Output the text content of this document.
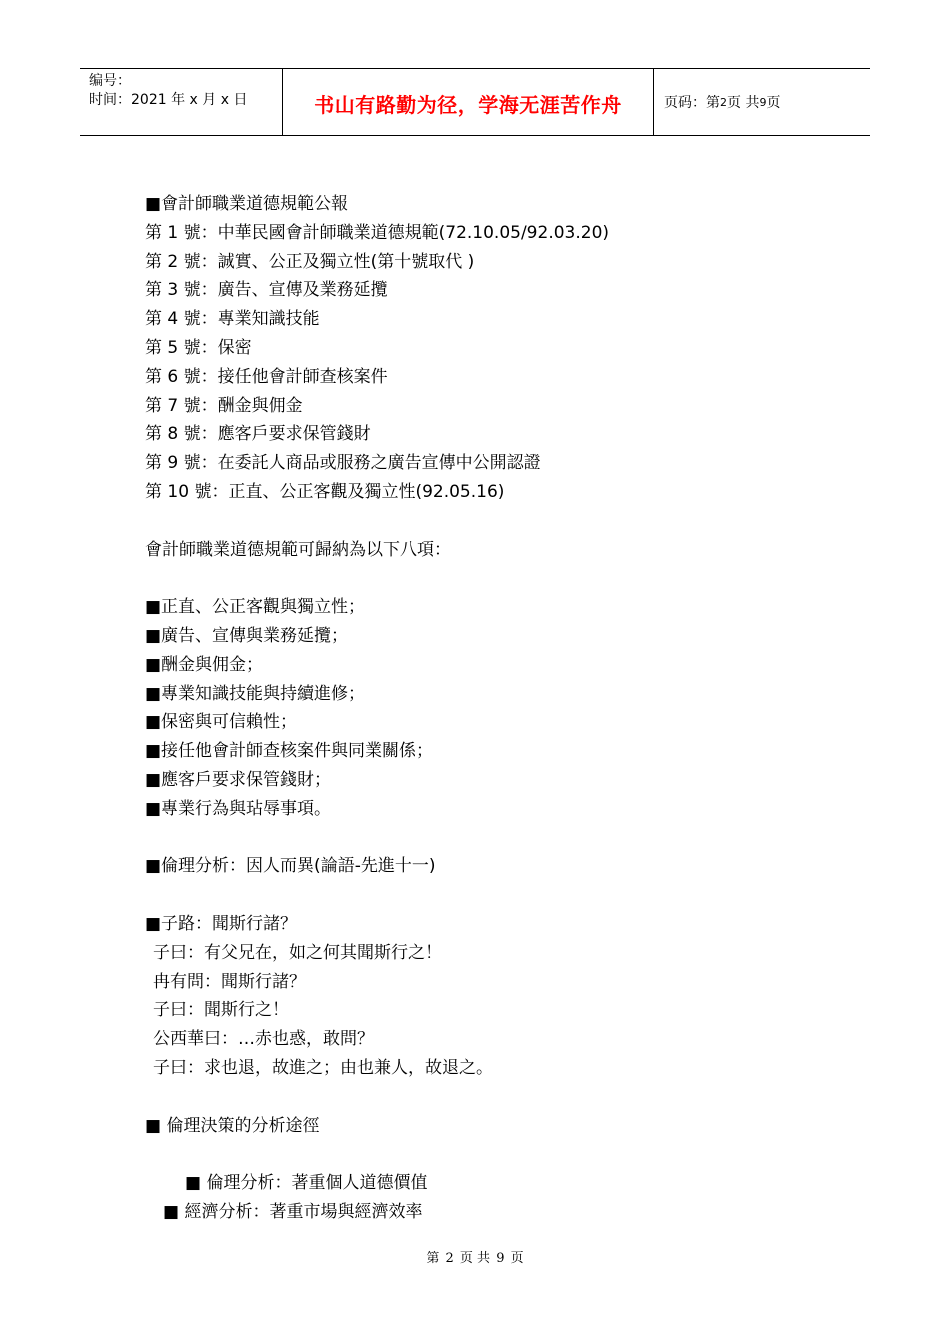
编号：
时间：2021 年 x 月 x 日	书山有路勤为径，学海无涯苦作舟	页码：第 2 页 共 9 页
■會計師職業道德規範公報
第 1 號：中華民國會計師職業道德規範(72.10.05/92.03.20)
第 2 號：誠實、公正及獨立性(第十號取代 )
第 3 號：廣告、宣傳及業務延攬
第 4 號：專業知識技能
第 5 號：保密
第 6 號：接任他會計師查核案件
第 7 號：酬金與佣金
第 8 號：應客戶要求保管錢財
第 9 號：在委託人商品或服務之廣告宣傳中公開認證
第 10 號：正直、公正客觀及獨立性(92.05.16)
會計師職業道德規範可歸納為以下八項：
■正直、公正客觀與獨立性；
■廣告、宣傳與業務延攬；
■酬金與佣金；
■專業知識技能與持續進修；
■保密與可信賴性；
■接任他會計師查核案件與同業關係；
■應客戶要求保管錢財；
■專業行為與玷辱事項。
■倫理分析：因人而異(論語-先進十一)
■子路：聞斯行諸？
子曰：有父兄在，如之何其聞斯行之！
冉有問：聞斯行諸？
子曰：聞斯行之！
公西華曰：…赤也惑，敢問？
子曰：求也退，故進之；由也兼人，故退之。
■ 倫理決策的分析途徑
■ 倫理分析：著重個人道德價值
■ 經濟分析：著重市場與經濟效率
第 2 页 共 9 页
